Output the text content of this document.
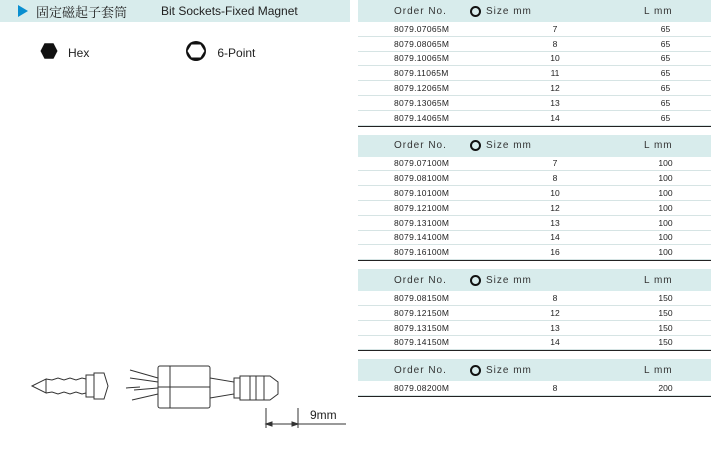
固定磁起子套筒	Bit Sockets-Fixed Magnet
Hex	6-Point
9mm
Order No.	Size mm	L mm
8079.07065M	7	65
8079.08065M	8	65
8079.10065M	10	65
8079.11065M	11	65
8079.12065M	12	65
8079.13065M	13	65
8079.14065M	14	65
Order No.	Size mm	L mm
8079.07100M	7	100
8079.08100M	8	100
8079.10100M	10	100
8079.12100M	12	100
8079.13100M	13	100
8079.14100M	14	100
8079.16100M	16	100
Order No.	Size mm	L mm
8079.08150M	8	150
8079.12150M	12	150
8079.13150M	13	150
8079.14150M	14	150
Order No.	Size mm	L mm
8079.08200M	8	200
